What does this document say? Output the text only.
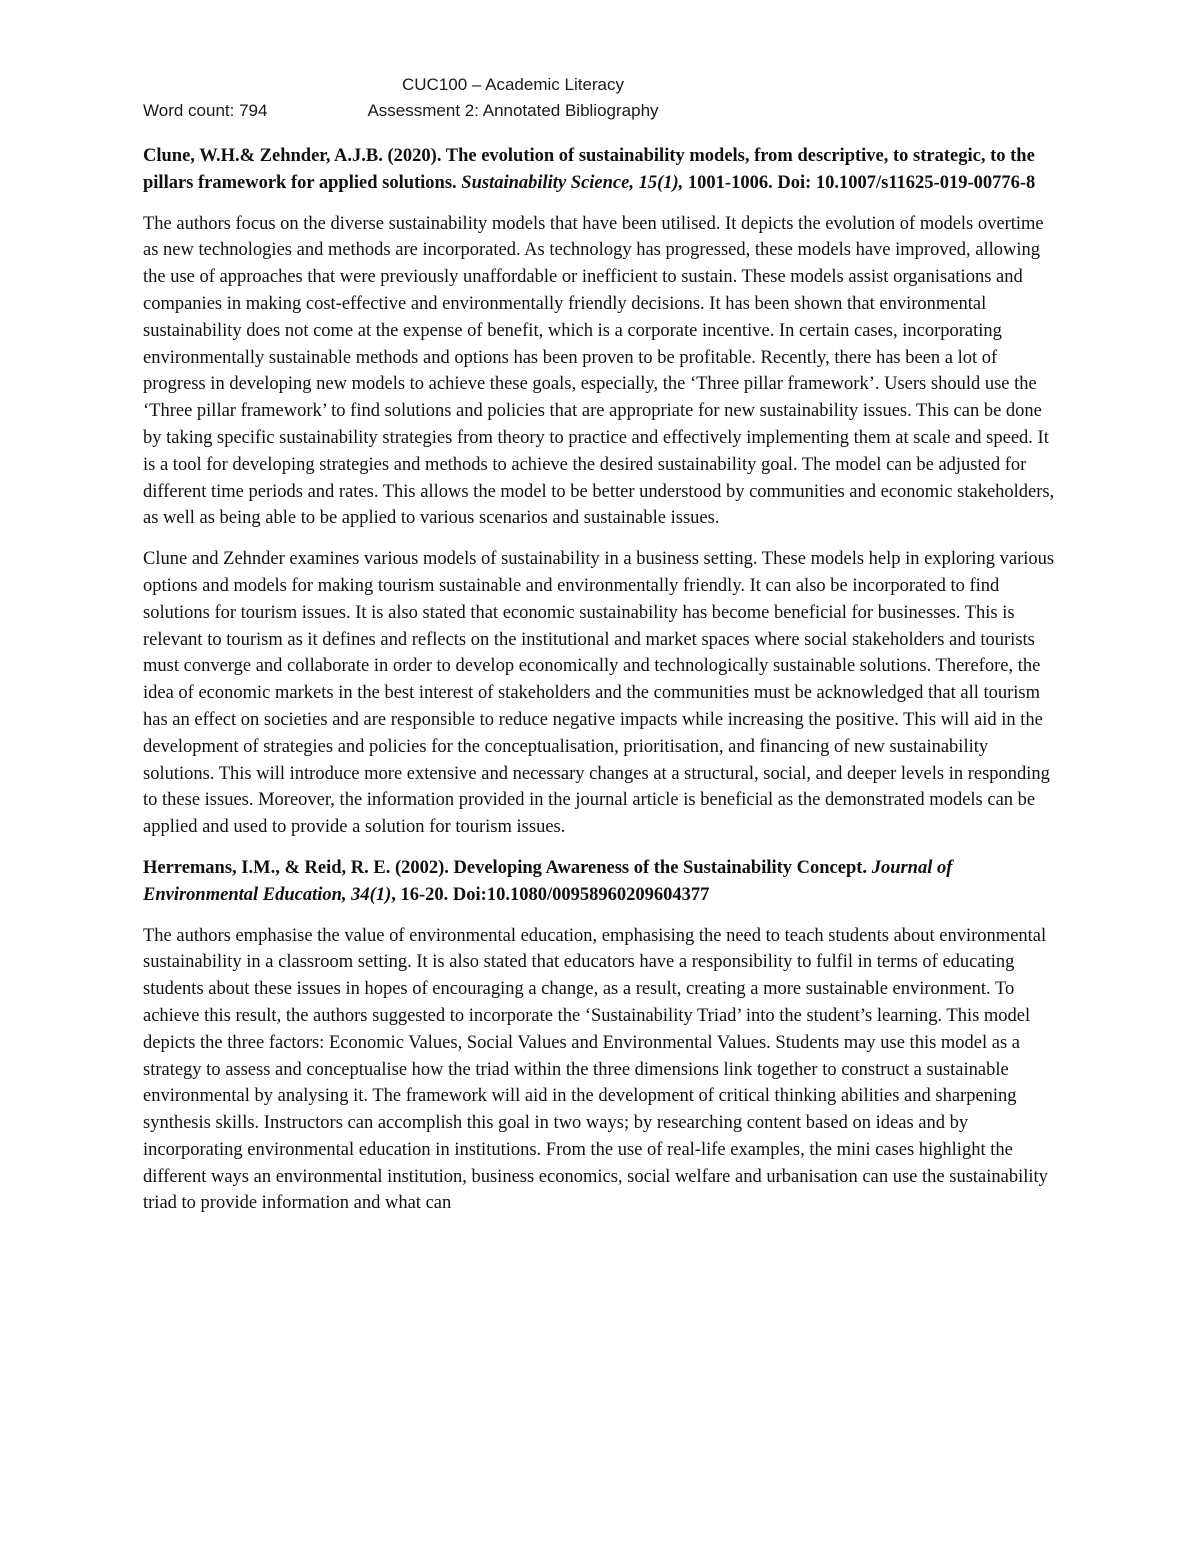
CUC100 – Academic Literacy
Word count: 794	Assessment 2: Annotated Bibliography

Clune, W.H.& Zehnder, A.J.B. (2020). The evolution of sustainability models, from descriptive, to strategic, to the pillars framework for applied solutions. Sustainability Science, 15(1), 1001-1006. Doi: 10.1007/s11625-019-00776-8

The authors focus on the diverse sustainability models that have been utilised. It depicts the evolution of models overtime as new technologies and methods are incorporated. As technology has progressed, these models have improved, allowing the use of approaches that were previously unaffordable or inefficient to sustain. These models assist organisations and companies in making cost-effective and environmentally friendly decisions. It has been shown that environmental sustainability does not come at the expense of benefit, which is a corporate incentive. In certain cases, incorporating environmentally sustainable methods and options has been proven to be profitable. Recently, there has been a lot of progress in developing new models to achieve these goals, especially, the ‘Three pillar framework’. Users should use the ‘Three pillar framework’ to find solutions and policies that are appropriate for new sustainability issues. This can be done by taking specific sustainability strategies from theory to practice and effectively implementing them at scale and speed. It is a tool for developing strategies and methods to achieve the desired sustainability goal. The model can be adjusted for different time periods and rates. This allows the model to be better understood by communities and economic stakeholders, as well as being able to be applied to various scenarios and sustainable issues.

Clune and Zehnder examines various models of sustainability in a business setting. These models help in exploring various options and models for making tourism sustainable and environmentally friendly. It can also be incorporated to find solutions for tourism issues. It is also stated that economic sustainability has become beneficial for businesses. This is relevant to tourism as it defines and reflects on the institutional and market spaces where social stakeholders and tourists must converge and collaborate in order to develop economically and technologically sustainable solutions. Therefore, the idea of economic markets in the best interest of stakeholders and the communities must be acknowledged that all tourism has an effect on societies and are responsible to reduce negative impacts while increasing the positive. This will aid in the development of strategies and policies for the conceptualisation, prioritisation, and financing of new sustainability solutions. This will introduce more extensive and necessary changes at a structural, social, and deeper levels in responding to these issues. Moreover, the information provided in the journal article is beneficial as the demonstrated models can be applied and used to provide a solution for tourism issues.

Herremans, I.M., & Reid, R. E. (2002). Developing Awareness of the Sustainability Concept. Journal of Environmental Education, 34(1), 16-20. Doi:10.1080/00958960209604377

The authors emphasise the value of environmental education, emphasising the need to teach students about environmental sustainability in a classroom setting. It is also stated that educators have a responsibility to fulfil in terms of educating students about these issues in hopes of encouraging a change, as a result, creating a more sustainable environment. To achieve this result, the authors suggested to incorporate the ‘Sustainability Triad’ into the student’s learning. This model depicts the three factors: Economic Values, Social Values and Environmental Values. Students may use this model as a strategy to assess and conceptualise how the triad within the three dimensions link together to construct a sustainable environmental by analysing it. The framework will aid in the development of critical thinking abilities and sharpening synthesis skills. Instructors can accomplish this goal in two ways; by researching content based on ideas and by incorporating environmental education in institutions. From the use of real-life examples, the mini cases highlight the different ways an environmental institution, business economics, social welfare and urbanisation can use the sustainability triad to provide information and what can
